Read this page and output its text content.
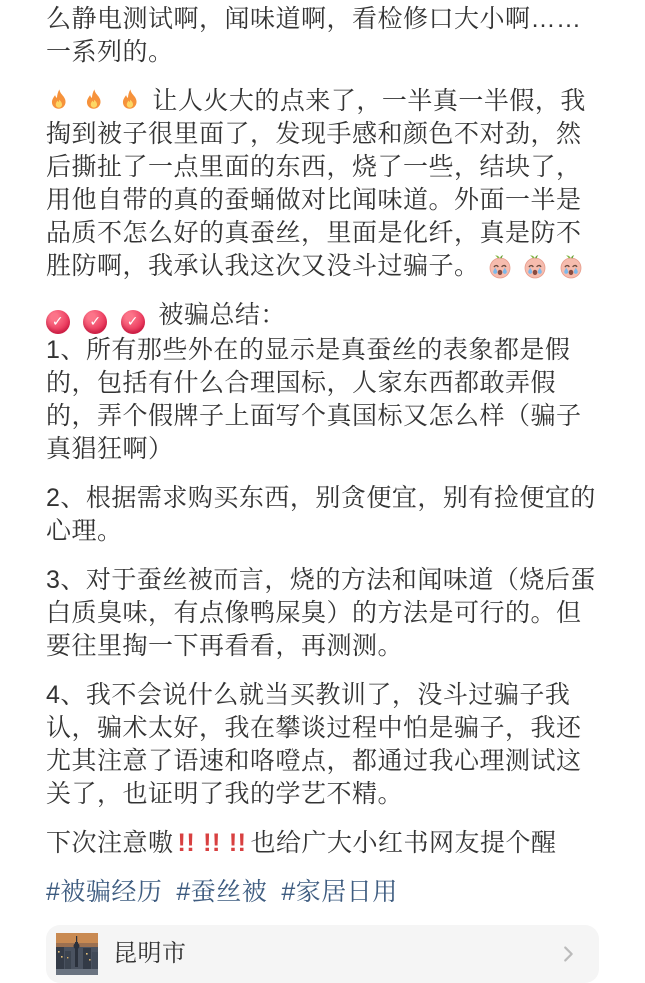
么静电测试啊，闻味道啊，看检修口大小啊……一系列的。

让人火大的点来了，一半真一半假，我掏到被子很里面了，发现手感和颜色不对劲，然后撕扯了一点里面的东西，烧了一些，结块了，用他自带的真的蚕蛹做对比闻味道。外面一半是品质不怎么好的真蚕丝，里面是化纤，真是防不胜防啊，我承认我这次又没斗过骗子。

✓
✓
✓ 被骗总结：

1、所有那些外在的显示是真蚕丝的表象都是假的，包括有什么合理国标，人家东西都敢弄假的，弄个假牌子上面写个真国标又怎么样（骗子真猖狂啊）

2、根据需求购买东西，别贪便宜，别有捡便宜的心理。

3、对于蚕丝被而言，烧的方法和闻味道（烧后蛋白质臭味，有点像鸭屎臭）的方法是可行的。但要往里掏一下再看看，再测测。

4、我不会说什么就当买教训了，没斗过骗子我认，骗术太好，我在攀谈过程中怕是骗子，我还尤其注意了语速和咯噔点，都通过我心理测试这关了，也证明了我的学艺不精。

下次注意嗷 !! !! !! 也给广大小红书网友提个醒

#被骗经历 #蚕丝被 #家居日用

昆明市
